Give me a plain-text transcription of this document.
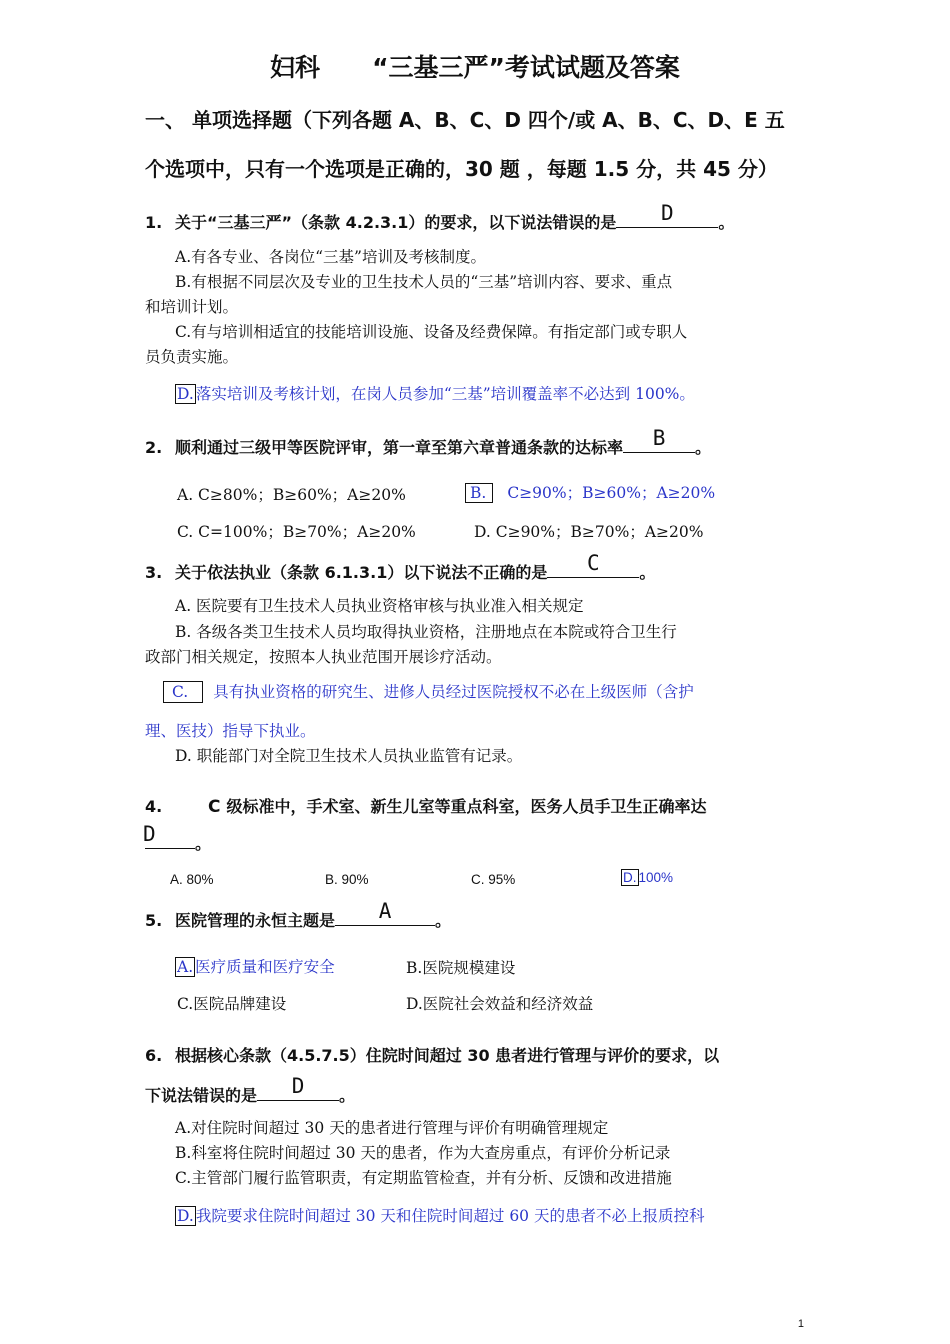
妇科 “三基三严”考试试题及答案
一、 单项选择题（下列各题 A、B、C、D 四个/或 A、B、C、D、E 五
个选项中，只有一个选项是正确的，30 题 ，每题 1.5 分，共 45 分）
1. 关于“三基三严”（条款 4.2.3.1）的要求，以下说法错误的是	D	。
A.有各专业、各岗位“三基”培训及考核制度。
B.有根据不同层次及专业的卫生技术人员的“三基”培训内容、要求、重点
和培训计划。
C.有与培训相适宜的技能培训设施、设备及经费保障。有指定部门或专职人
员负责实施。
D. 落实培训及考核计划，在岗人员参加“三基”培训覆盖率不必达到 100%。
2. 顺利通过三级甲等医院评审，第一章至第六章普通条款的达标率	B	。
A. C≥80%；B≥60%；A≥20%	B. C≥90%；B≥60%；A≥20%
C. C=100%；B≥70%；A≥20%	D. C≥90%；B≥70%；A≥20%
3. 关于依法执业（条款 6.1.3.1）以下说法不正确的是	C	。
A. 医院要有卫生技术人员执业资格审核与执业准入相关规定
B. 各级各类卫生技术人员均取得执业资格，注册地点在本院或符合卫生行
政部门相关规定，按照本人执业范围开展诊疗活动。
C. 具有执业资格的研究生、进修人员经过医院授权不必在上级医师（含护
理、医技）指导下执业。
D. 职能部门对全院卫生技术人员执业监管有记录。
4.	C 级标准中，手术室、新生儿室等重点科室，医务人员手卫生正确率达
D	。
A. 80%	B. 90%	C. 95%	D. 100%
5. 医院管理的永恒主题是	A	。
A. 医疗质量和医疗安全	B.医院规模建设
C.医院品牌建设	D.医院社会效益和经济效益
6. 根据核心条款（4.5.7.5）住院时间超过 30 患者进行管理与评价的要求，以
下说法错误的是	D	。
A.对住院时间超过 30 天的患者进行管理与评价有明确管理规定
B.科室将住院时间超过 30 天的患者，作为大查房重点，有评价分析记录
C.主管部门履行监管职责，有定期监管检查，并有分析、反馈和改进措施
D. 我院要求住院时间超过 30 天和住院时间超过 60 天的患者不必上报质控科
1
